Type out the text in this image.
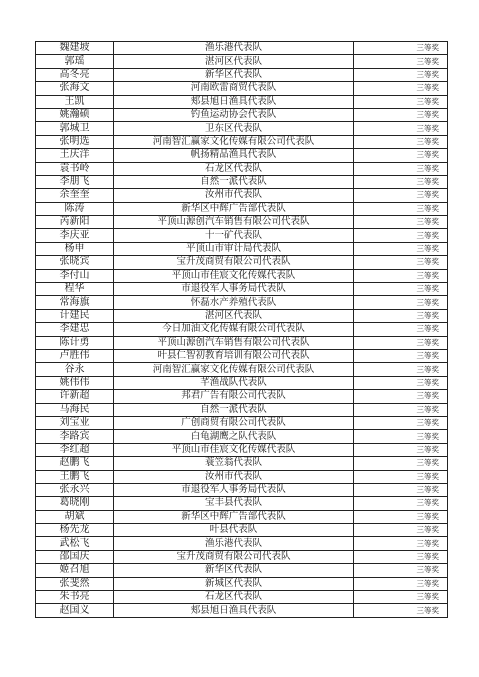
魏建坡	渔乐港代表队	三等奖
郭瑶	湛河区代表队	三等奖
高冬亮	新华区代表队	三等奖
张海文	河南欧雷商贸代表队	三等奖
王凯	郏县旭日渔具代表队	三等奖
姚瀚硕	钓鱼运动协会代表队	三等奖
郭城卫	卫东区代表队	三等奖
张明选	河南智汇赢家文化传媒有限公司代表队	三等奖
王庆洋	帆扬精品渔具代表队	三等奖
袁书岭	石龙区代表队	三等奖
李朋飞	自然一派代表队	三等奖
余奎奎	汝州市代表队	三等奖
陈涛	新华区中辉广告部代表队	三等奖
芮新阳	平顶山源创汽车销售有限公司代表队	三等奖
李庆亚	十一矿代表队	三等奖
杨申	平顶山市审计局代表队	三等奖
张晓宾	宝升茂商贸有限公司代表队	三等奖
李付山	平顶山市佳宸文化传媒代表队	三等奖
程华	市退役军人事务局代表队	三等奖
常海旗	怀磊水产养殖代表队	三等奖
计建民	湛河区代表队	三等奖
李建忠	今日加油文化传媒有限公司代表队	三等奖
陈计勇	平顶山源创汽车销售有限公司代表队	三等奖
卢胜伟	叶县仁智初教育培训有限公司代表队	三等奖
谷永	河南智汇赢家文化传媒有限公司代表队	三等奖
姚伟伟	芊渔战队代表队	三等奖
许新超	邦君广告有限公司代表队	三等奖
马海民	自然一派代表队	三等奖
刘宝业	广创商贸有限公司代表队	三等奖
李路宾	白龟湖鹰之队代表队	三等奖
李红超	平顶山市佳宸文化传媒代表队	三等奖
赵鹏飞	蓑笠翁代表队	三等奖
王鹏飞	汝州市代表队	三等奖
张永兴	市退役军人事务局代表队	三等奖
葛晓刚	宝丰县代表队	三等奖
胡斌	新华区中辉广告部代表队	三等奖
杨先龙	叶县代表队	三等奖
武松飞	渔乐港代表队	三等奖
邵国庆	宝升茂商贸有限公司代表队	三等奖
姬召旭	新华区代表队	三等奖
张斐然	新城区代表队	三等奖
朱书亮	石龙区代表队	三等奖
赵国义	郏县旭日渔具代表队	三等奖
